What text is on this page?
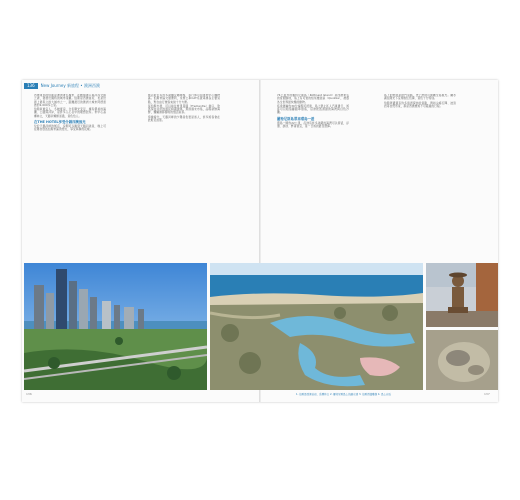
136	New Journey 新旅程 • 澳洲西澳

西澳東部的伯斯是澳洲著名城市，在數個港口與河流交匯之處，發展出獨特的城市景觀。伯斯是西澳首府，也是世界上最孤立的大城市之一，距離最近的澳洲大城市阿德雷德約2,000多公里。

伯斯氣候宜人，冬暖夏涼，全年陽光充足，擁有優美的海灘、公園與河岸，是許多人心目中的理想居所。市中心高樓林立，天鵝河蜿蜒而過，景色怡人。

在THE HOTEL享受什錦西澳風光

位於天鵝河畔的飯店，房間可以眺望天鵝河美景，晚上可在陽台欣賞伯斯市區的燈火，享受寧靜的夜晚。

飯店附近有許多餐廳及咖啡館，步行即可到達市中心購物區。伯斯市區交通便利，免費公車CAT系統串連各主要景點，對自由行旅客來說十分方便。

從伯斯出發，可以前往費里曼圖（Fremantle）港口，欣賞保存完好的殖民時期建築，逛逛週末市集，品嚐新鮮海鮮，體驗港都獨特的慢活氣氛。

傍晚時分，天鵝河畔的夕陽景色更是迷人，許多遊客會在此駐足拍照。

74公里外的羅特尼斯島（Rottnest Island）是西澳著名的度假勝地，島上有可愛的短尾矮袋鼠（Quokka），被譽為全世界最快樂的動物。

搭乘渡輪約30分鐘即可抵達，島上禁止私人汽車通行，遊客可以租借腳踏車環島，沿途欣賞清澈的海灣與白色沙灘。

羅特尼斯島單車環島一遊

環島一圈約22公里，沿途有許多美麗的海灣可以停留，浮潛、游泳、野餐皆宜，是一日遊的最佳選擇。

島上的燈塔是熱門景點，登上燈塔可俯瞰全島風光。鹹水湖在陽光下呈現粉紅色澤，景色十分特別。

伯斯周邊還有許多值得探訪的景點，例如尖峰石陣、波浪岩等自然奇景，都是西澳旅遊不可錯過的行程。

1. 伯斯是西澳首府，高樓林立 2. 羅特尼斯島上的鹹水湖 3. 伯斯街頭雕像 4. 島上岩石
136	137
